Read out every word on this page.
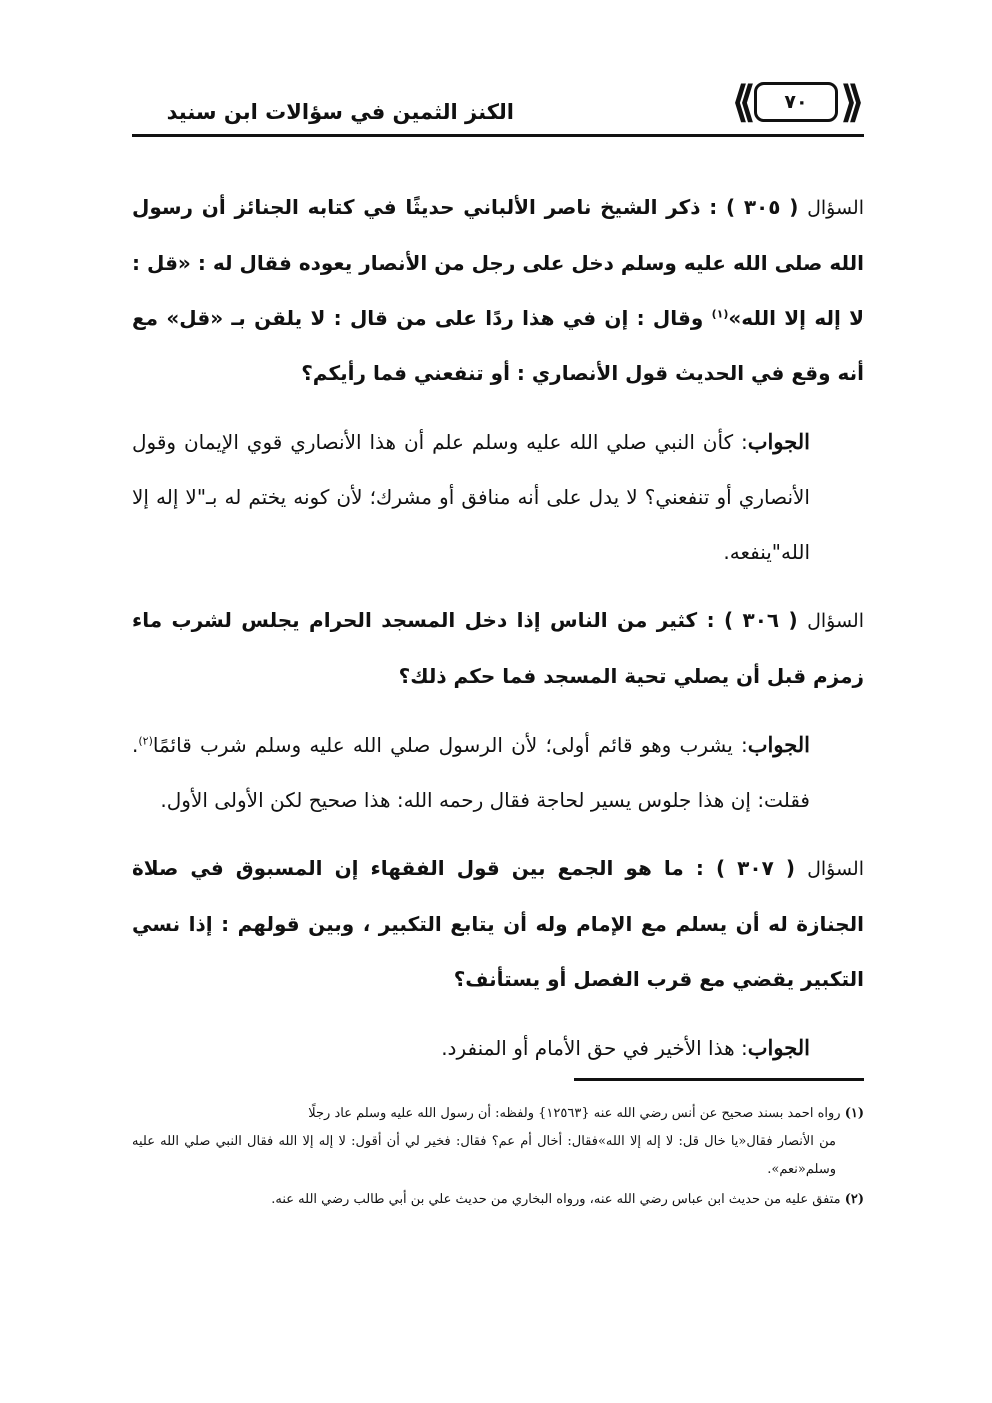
الكنز الثمين في سؤالات ابن سنيد	⟪	٧٠ ⟫

السؤال ( ٣٠٥ ) : ذكر الشيخ ناصر الألباني حديثًا في كتابه الجنائز أن رسول الله صلى الله عليه وسلم دخل على رجل من الأنصار يعوده فقال له : «قل : لا إله إلا الله»$^{(١)}$ وقال : إن في هذا ردًا على من قال : لا يلقن بـ «قل» مع أنه وقع في الحديث قول الأنصاري : أو تنفعني فما رأيكم؟

الجواب: كأن النبي صلي الله عليه وسلم علم أن هذا الأنصاري قوي الإيمان وقول الأنصاري أو تنفعني؟ لا يدل على أنه منافق أو مشرك؛ لأن كونه يختم له بـ"لا إله إلا الله"ينفعه.

السؤال ( ٣٠٦ ) : كثير من الناس إذا دخل المسجد الحرام يجلس لشرب ماء زمزم قبل أن يصلي تحية المسجد فما حكم ذلك؟

الجواب: يشرب وهو قائم أولى؛ لأن الرسول صلي الله عليه وسلم شرب قائمًا$^{(٢)}$. فقلت: إن هذا جلوس يسير لحاجة فقال رحمه الله: هذا صحيح لكن الأولى الأول.

السؤال ( ٣٠٧ ) : ما هو الجمع بين قول الفقهاء إن المسبوق في صلاة الجنازة له أن يسلم مع الإمام وله أن يتابع التكبير ، وبين قولهم : إذا نسي التكبير يقضي مع قرب الفصل أو يستأنف؟

الجواب: هذا الأخير في حق الأمام أو المنفرد.

(١) رواه احمد بسند صحيح عن أنس رضي الله عنه {١٢٥٦٣} ولفظه: أن رسول الله عليه وسلم عاد رجلًا
من الأنصار فقال«يا خال قل: لا إله إلا الله»فقال: أخال أم عم؟ فقال: فخير لي أن أقول: لا إله إلا الله فقال النبي صلي الله عليه وسلم«نعم».
(٢) متفق عليه من حديث ابن عباس رضي الله عنه، ورواه البخاري من حديث علي بن أبي طالب رضي الله عنه.
